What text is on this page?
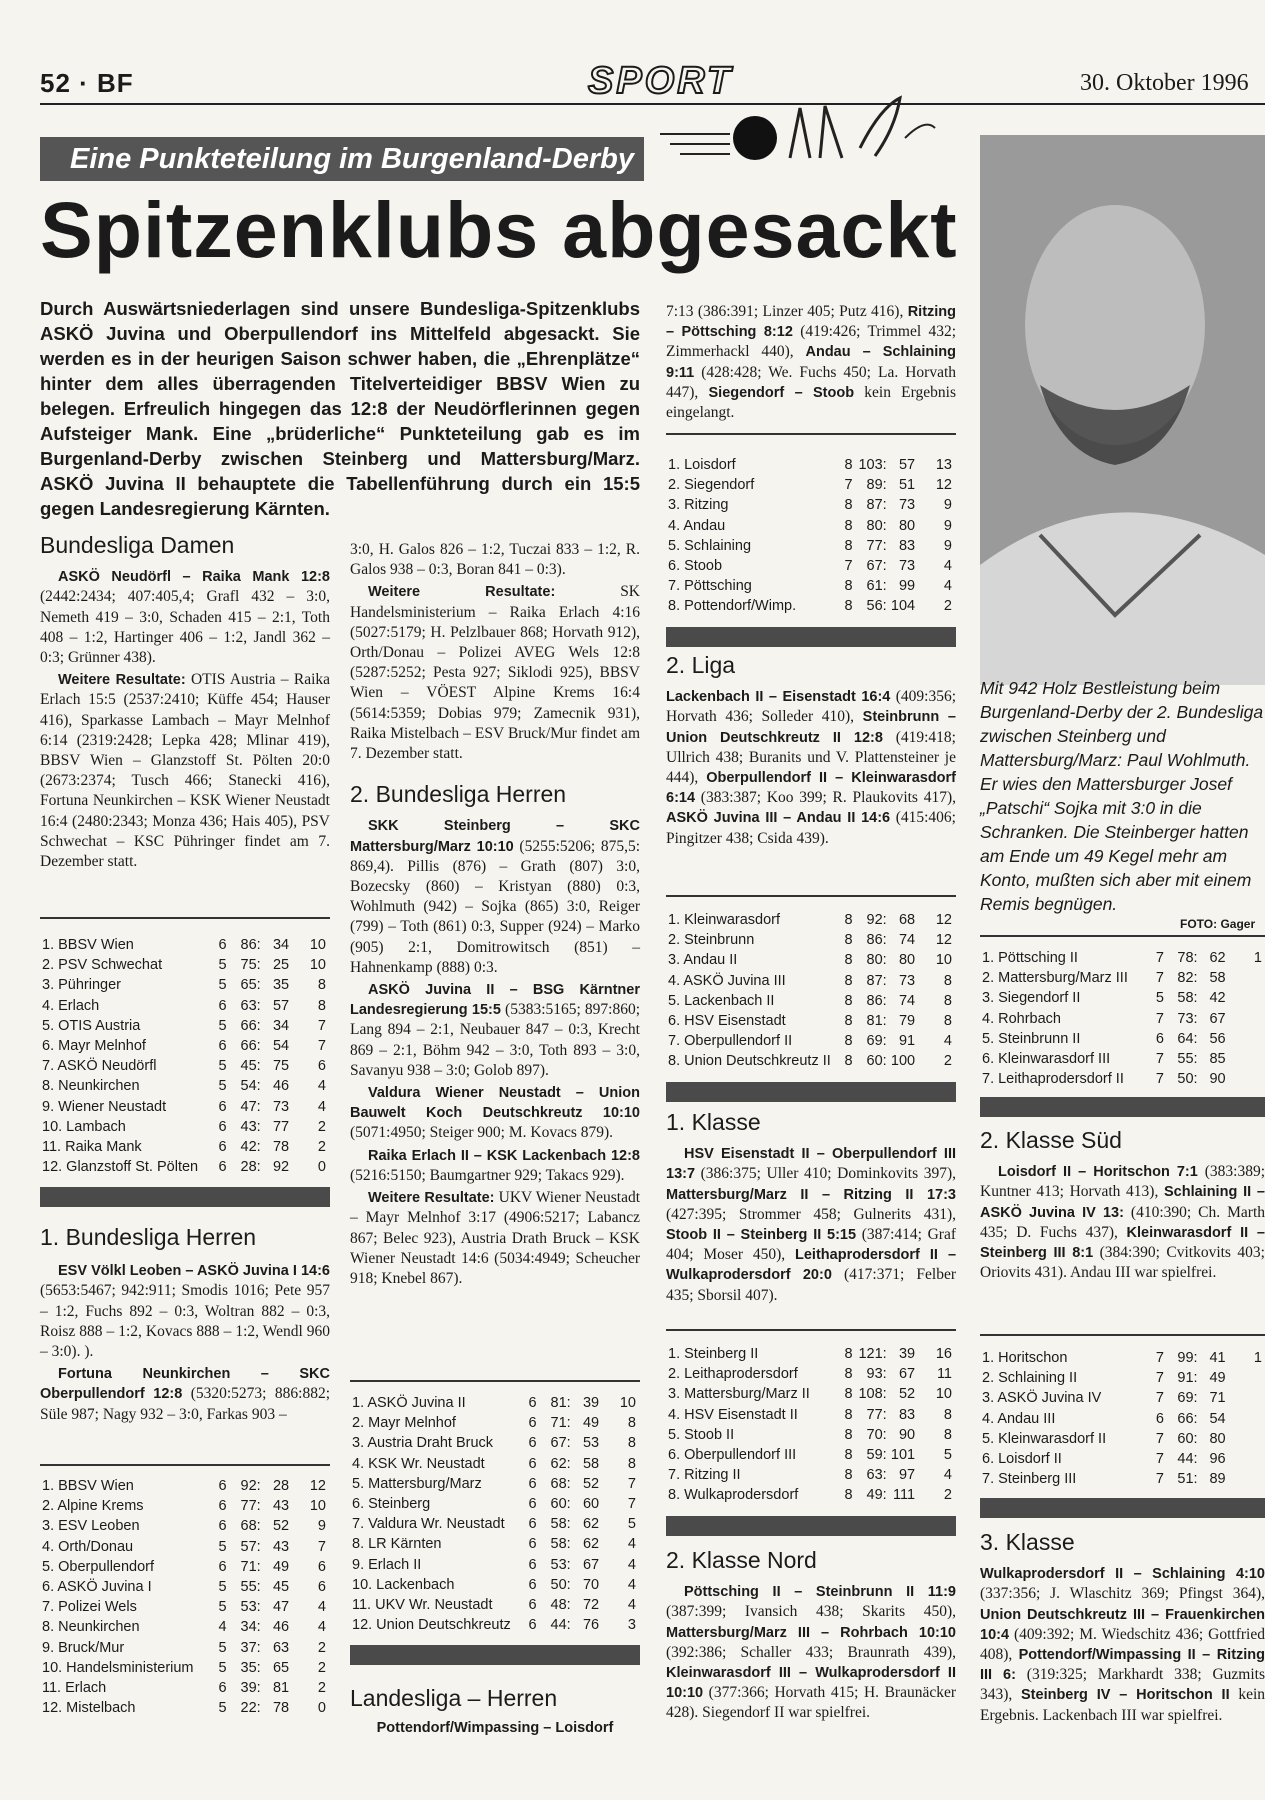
52 · BF	SPORT	30. Oktober 1996
Eine Punkteteilung im Burgenland-Derby
Spitzenklubs abgesackt
Durch Auswärtsniederlagen sind unsere Bundesliga-Spitzenklubs ASKÖ Juvina und Oberpullendorf ins Mittelfeld abgesackt. Sie werden es in der heurigen Saison schwer haben, die „Ehrenplätze“ hinter dem alles überragenden Titelverteidiger BBSV Wien zu belegen. Erfreulich hingegen das 12:8 der Neudörflerinnen gegen Aufsteiger Mank. Eine „brüderliche“ Punkteteilung gab es im Burgenland-Derby zwischen Steinberg und Mattersburg/Marz. ASKÖ Juvina II behauptete die Tabellenführung durch ein 15:5 gegen Landesregierung Kärnten.

Bundesliga Damen

ASKÖ Neudörfl – Raika Mank 12:8 (2442:2434; 407:405,4; Grafl 432 – 3:0, Nemeth 419 – 3:0, Schaden 415 – 2:1, Toth 408 – 1:2, Hartinger 406 – 1:2, Jandl 362 – 0:3; Grünner 438).

Weitere Resultate: OTIS Austria – Raika Erlach 15:5 (2537:2410; Küffe 454; Hauser 416), Sparkasse Lambach – Mayr Melnhof 6:14 (2319:2428; Lepka 428; Mlinar 419), BBSV Wien – Glanzstoff St. Pölten 20:0 (2673:2374; Tusch 466; Stanecki 416), Fortuna Neunkirchen – KSK Wiener Neustadt 16:4 (2480:2343; Monza 436; Hais 405), PSV Schwechat – KSC Pühringer findet am 7. Dezember statt.

1. BBSV Wien	6	86:	34	10
2. PSV Schwechat	5	75:	25	10
3. Pühringer	5	65:	35	8
4. Erlach	6	63:	57	8
5. OTIS Austria	5	66:	34	7
6. Mayr Melnhof	6	66:	54	7
7. ASKÖ Neudörfl	5	45:	75	6
8. Neunkirchen	5	54:	46	4
9. Wiener Neustadt	6	47:	73	4
10. Lambach	6	43:	77	2
11. Raika Mank	6	42:	78	2
12. Glanzstoff St. Pölten	6	28:	92	0

1. Bundesliga Herren

ESV Völkl Leoben – ASKÖ Juvina I 14:6 (5653:5467; 942:911; Smodis 1016; Pete 957 – 1:2, Fuchs 892 – 0:3, Woltran 882 – 0:3, Roisz 888 – 1:2, Kovacs 888 – 1:2, Wendl 960 – 3:0). ).

Fortuna Neunkirchen – SKC Oberpullendorf 12:8 (5320:5273; 886:882; Süle 987; Nagy 932 – 3:0, Farkas 903 –

1. BBSV Wien	6	92:	28	12
2. Alpine Krems	6	77:	43	10
3. ESV Leoben	6	68:	52	9
4. Orth/Donau	5	57:	43	7
5. Oberpullendorf	6	71:	49	6
6. ASKÖ Juvina I	5	55:	45	6
7. Polizei Wels	5	53:	47	4
8. Neunkirchen	4	34:	46	4
9. Bruck/Mur	5	37:	63	2
10. Handelsministerium	5	35:	65	2
11. Erlach	6	39:	81	2
12. Mistelbach	5	22:	78	0

3:0, H. Galos 826 – 1:2, Tuczai 833 – 1:2, R. Galos 938 – 0:3, Boran 841 – 0:3).

Weitere Resultate:	SK Handelsministerium – Raika Erlach 4:16 (5027:5179; H. Pelzlbauer 868; Horvath 912), Orth/Donau – Polizei AVEG Wels 12:8 (5287:5252; Pesta 927; Siklodi 925), BBSV Wien – VÖEST Alpine Krems 16:4 (5614:5359; Dobias 979; Zamecnik 931), Raika Mistelbach – ESV Bruck/Mur findet am 7. Dezember statt.

2. Bundesliga Herren

SKK Steinberg – SKC Mattersburg/Marz 10:10 (5255:5206; 875,5: 869,4). Pillis (876) – Grath (807) 3:0, Bozecsky (860) – Kristyan (880) 0:3, Wohlmuth (942) – Sojka (865) 3:0, Reiger (799) – Toth (861) 0:3, Supper (924) – Marko (905) 2:1, Domitrowitsch (851) – Hahnenkamp (888) 0:3.

ASKÖ Juvina II – BSG Kärntner Landesregierung 15:5 (5383:5165; 897:860; Lang 894 – 2:1, Neubauer 847 – 0:3, Krecht 869 – 2:1, Böhm 942 – 3:0, Toth 893 – 3:0, Savanyu 938 – 3:0; Golob 897).

Valdura Wiener Neustadt – Union Bauwelt Koch Deutschkreutz 10:10 (5071:4950; Steiger 900; M. Kovacs 879).

Raika Erlach II – KSK Lackenbach 12:8 (5216:5150; Baumgartner 929; Takacs 929).

Weitere Resultate: UKV Wiener Neustadt – Mayr Melnhof 3:17 (4906:5217; Labancz 867; Belec 923), Austria Drath Bruck – KSK Wiener Neustadt 14:6 (5034:4949; Scheucher 918; Knebel 867).

1. ASKÖ Juvina II	6	81:	39	10
2. Mayr Melnhof	6	71:	49	8
3. Austria Draht Bruck	6	67:	53	8
4. KSK Wr. Neustadt	6	62:	58	8
5. Mattersburg/Marz	6	68:	52	7
6. Steinberg	6	60:	60	7
7. Valdura Wr. Neustadt	6	58:	62	5
8. LR Kärnten	6	58:	62	4
9. Erlach II	6	53:	67	4
10. Lackenbach	6	50:	70	4
11. UKV Wr. Neustadt	6	48:	72	4
12. Union Deutschkreutz	6	44:	76	3

Landesliga – Herren

Pottendorf/Wimpassing – Loisdorf

7:13 (386:391; Linzer 405; Putz 416), Ritzing – Pöttsching 8:12 (419:426; Trimmel 432; Zimmerhackl 440), Andau – Schlaining 9:11 (428:428; We. Fuchs 450; La. Horvath 447), Siegendorf – Stoob kein Ergebnis eingelangt.

1. Loisdorf	8	103:	57	13
2. Siegendorf	7	89:	51	12
3. Ritzing	8	87:	73	9
4. Andau	8	80:	80	9
5. Schlaining	8	77:	83	9
6. Stoob	7	67:	73	4
7. Pöttsching	8	61:	99	4
8. Pottendorf/Wimp.	8	56:	104	2

2. Liga

Lackenbach II – Eisenstadt 16:4 (409:356; Horvath 436; Solleder 410), Steinbrunn – Union Deutschkreutz II 12:8 (419:418; Ullrich 438; Buranits und V. Plattensteiner je 444), Oberpullendorf II – Kleinwarasdorf 6:14 (383:387; Koo 399; R. Plaukovits 417), ASKÖ Juvina III – Andau II 14:6 (415:406; Pingitzer 438; Csida 439).

1. Kleinwarasdorf	8	92:	68	12
2. Steinbrunn	8	86:	74	12
3. Andau II	8	80:	80	10
4. ASKÖ Juvina III	8	87:	73	8
5. Lackenbach II	8	86:	74	8
6. HSV Eisenstadt	8	81:	79	8
7. Oberpullendorf II	8	69:	91	4
8. Union Deutschkreutz II	8	60:	100	2

1. Klasse

HSV Eisenstadt II – Oberpullendorf III 13:7 (386:375; Uller 410; Dominkovits 397), Mattersburg/Marz II – Ritzing II 17:3 (427:395; Strommer 458; Gulnerits 431), Stoob II – Steinberg II 5:15 (387:414; Graf 404; Moser 450), Leithaprodersdorf II – Wulkaprodersdorf 20:0 (417:371; Felber 435; Sborsil 407).

1. Steinberg II	8	121:	39	16
2. Leithaprodersdorf	8	93:	67	11
3. Mattersburg/Marz II	8	108:	52	10
4. HSV Eisenstadt II	8	77:	83	8
5. Stoob II	8	70:	90	8
6. Oberpullendorf III	8	59:	101	5
7. Ritzing II	8	63:	97	4
8. Wulkaprodersdorf	8	49:	111	2

2. Klasse Nord

Pöttsching II – Steinbrunn II 11:9 (387:399; Ivansich 438; Skarits 450), Mattersburg/Marz III – Rohrbach 10:10 (392:386; Schaller 433; Braunrath 439), Kleinwarasdorf III – Wulkaprodersdorf II 10:10 (377:366; Horvath 415; H. Braunäcker 428). Siegendorf II war spielfrei.

Mit 942 Holz Bestleistung beim Burgenland-Derby der 2. Bundesliga zwischen Steinberg und Mattersburg/Marz: Paul Wohlmuth. Er wies den Mattersburger Josef „Patschi“ Sojka mit 3:0 in die Schranken. Die Steinberger hatten am Ende um 49 Kegel mehr am Konto, mußten sich aber mit einem Remis begnügen.
FOTO: Gager
1. Pöttsching II	7	78:	62	1
2. Mattersburg/Marz III	7	82:	58	
3. Siegendorf II	5	58:	42	
4. Rohrbach	7	73:	67	
5. Steinbrunn II	6	64:	56	
6. Kleinwarasdorf III	7	55:	85	
7. Leithaprodersdorf II	7	50:	90	

2. Klasse Süd

Loisdorf II – Horitschon 7:1 (383:389; Kuntner 413; Horvath 413), Schlaining II – ASKÖ Juvina IV 13: (410:390; Ch. Marth 435; D. Fuchs 437), Kleinwarasdorf II – Steinberg III 8:1 (384:390; Cvitkovits 403; Oriovits 431). Andau III war spielfrei.

1. Horitschon	7	99:	41	1
2. Schlaining II	7	91:	49	
3. ASKÖ Juvina IV	7	69:	71	
4. Andau III	6	66:	54	
5. Kleinwarasdorf II	7	60:	80	
6. Loisdorf II	7	44:	96	
7. Steinberg III	7	51:	89	

3. Klasse

Wulkaprodersdorf II – Schlaining 4:10 (337:356; J. Wlaschitz 369; Pfingst 364), Union Deutschkreutz III – Frauenkirchen 10:4 (409:392; M. Wiedschitz 436; Gottfried 408), Pottendorf/Wimpassing II – Ritzing III 6: (319:325; Markhardt 338; Guzmits 343), Steinberg IV – Horitschon II kein Ergebnis. Lackenbach III war spielfrei.
